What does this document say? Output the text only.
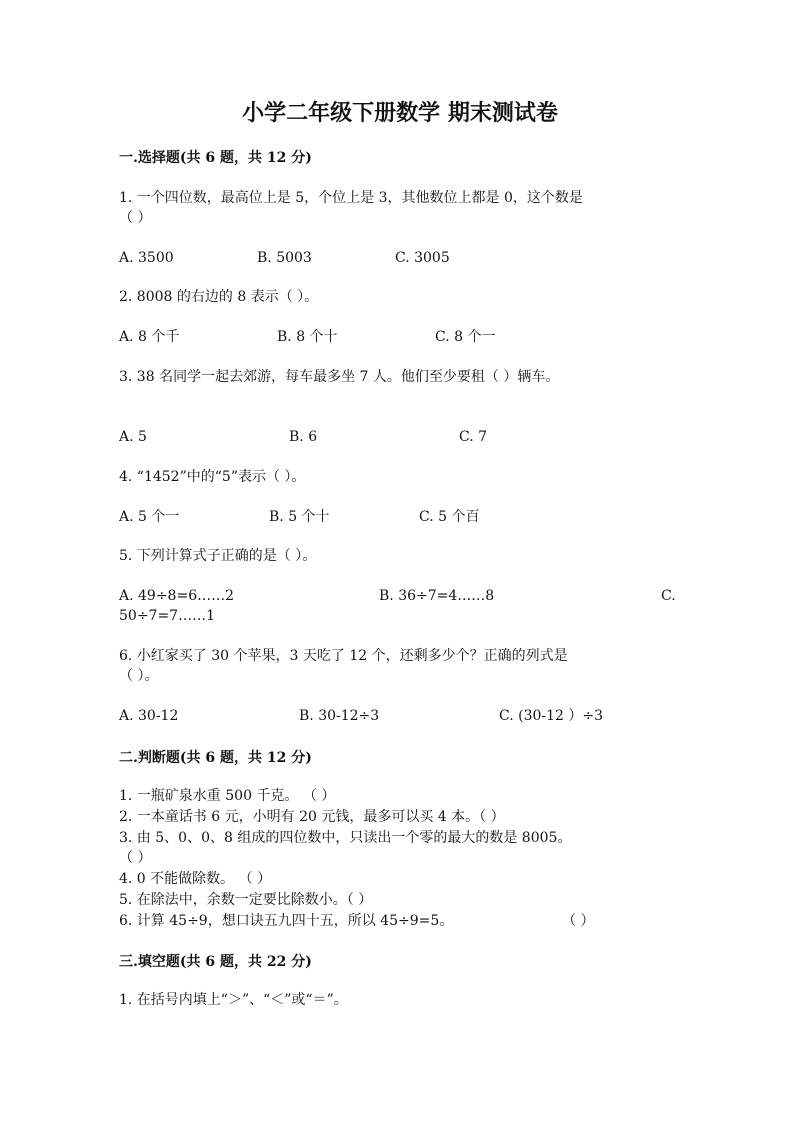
小学二年级下册数学 期末测试卷
一.选择题(共 6 题，共 12 分)
1. 一个四位数，最高位上是 5，个位上是 3，其他数位上都是 0，这个数是
（ ）
A. 3500	B. 5003	C. 3005
2. 8008 的右边的 8 表示（ ）。
A. 8 个千	B. 8 个十	C. 8 个一
3. 38 名同学一起去郊游，每车最多坐 7 人。他们至少要租（ ）辆车。
A. 5	B. 6	C. 7
4. “1452”中的“5”表示（ ）。
A. 5 个一	B. 5 个十	C. 5 个百
5. 下列计算式子正确的是（ ）。
A. 49÷8=6……2	B. 36÷7=4……8	C.
50÷7=7……1
6. 小红家买了 30 个苹果，3 天吃了 12 个，还剩多少个？正确的列式是
（ ）。
A. 30-12	B. 30-12÷3	C. (30-12 ）÷3
二.判断题(共 6 题，共 12 分)
1. 一瓶矿泉水重 500 千克。 （ ）
2. 一本童话书 6 元，小明有 20 元钱，最多可以买 4 本。（ ）
3. 由 5、0、0、8 组成的四位数中，只读出一个零的最大的数是 8005。
（ ）
4. 0 不能做除数。 （ ）
5. 在除法中，余数一定要比除数小。（ ）
6. 计算 45÷9，想口诀五九四十五，所以 45÷9=5。	（ ）
三.填空题(共 6 题，共 22 分)
1. 在括号内填上“＞”、“＜”或“＝”。
